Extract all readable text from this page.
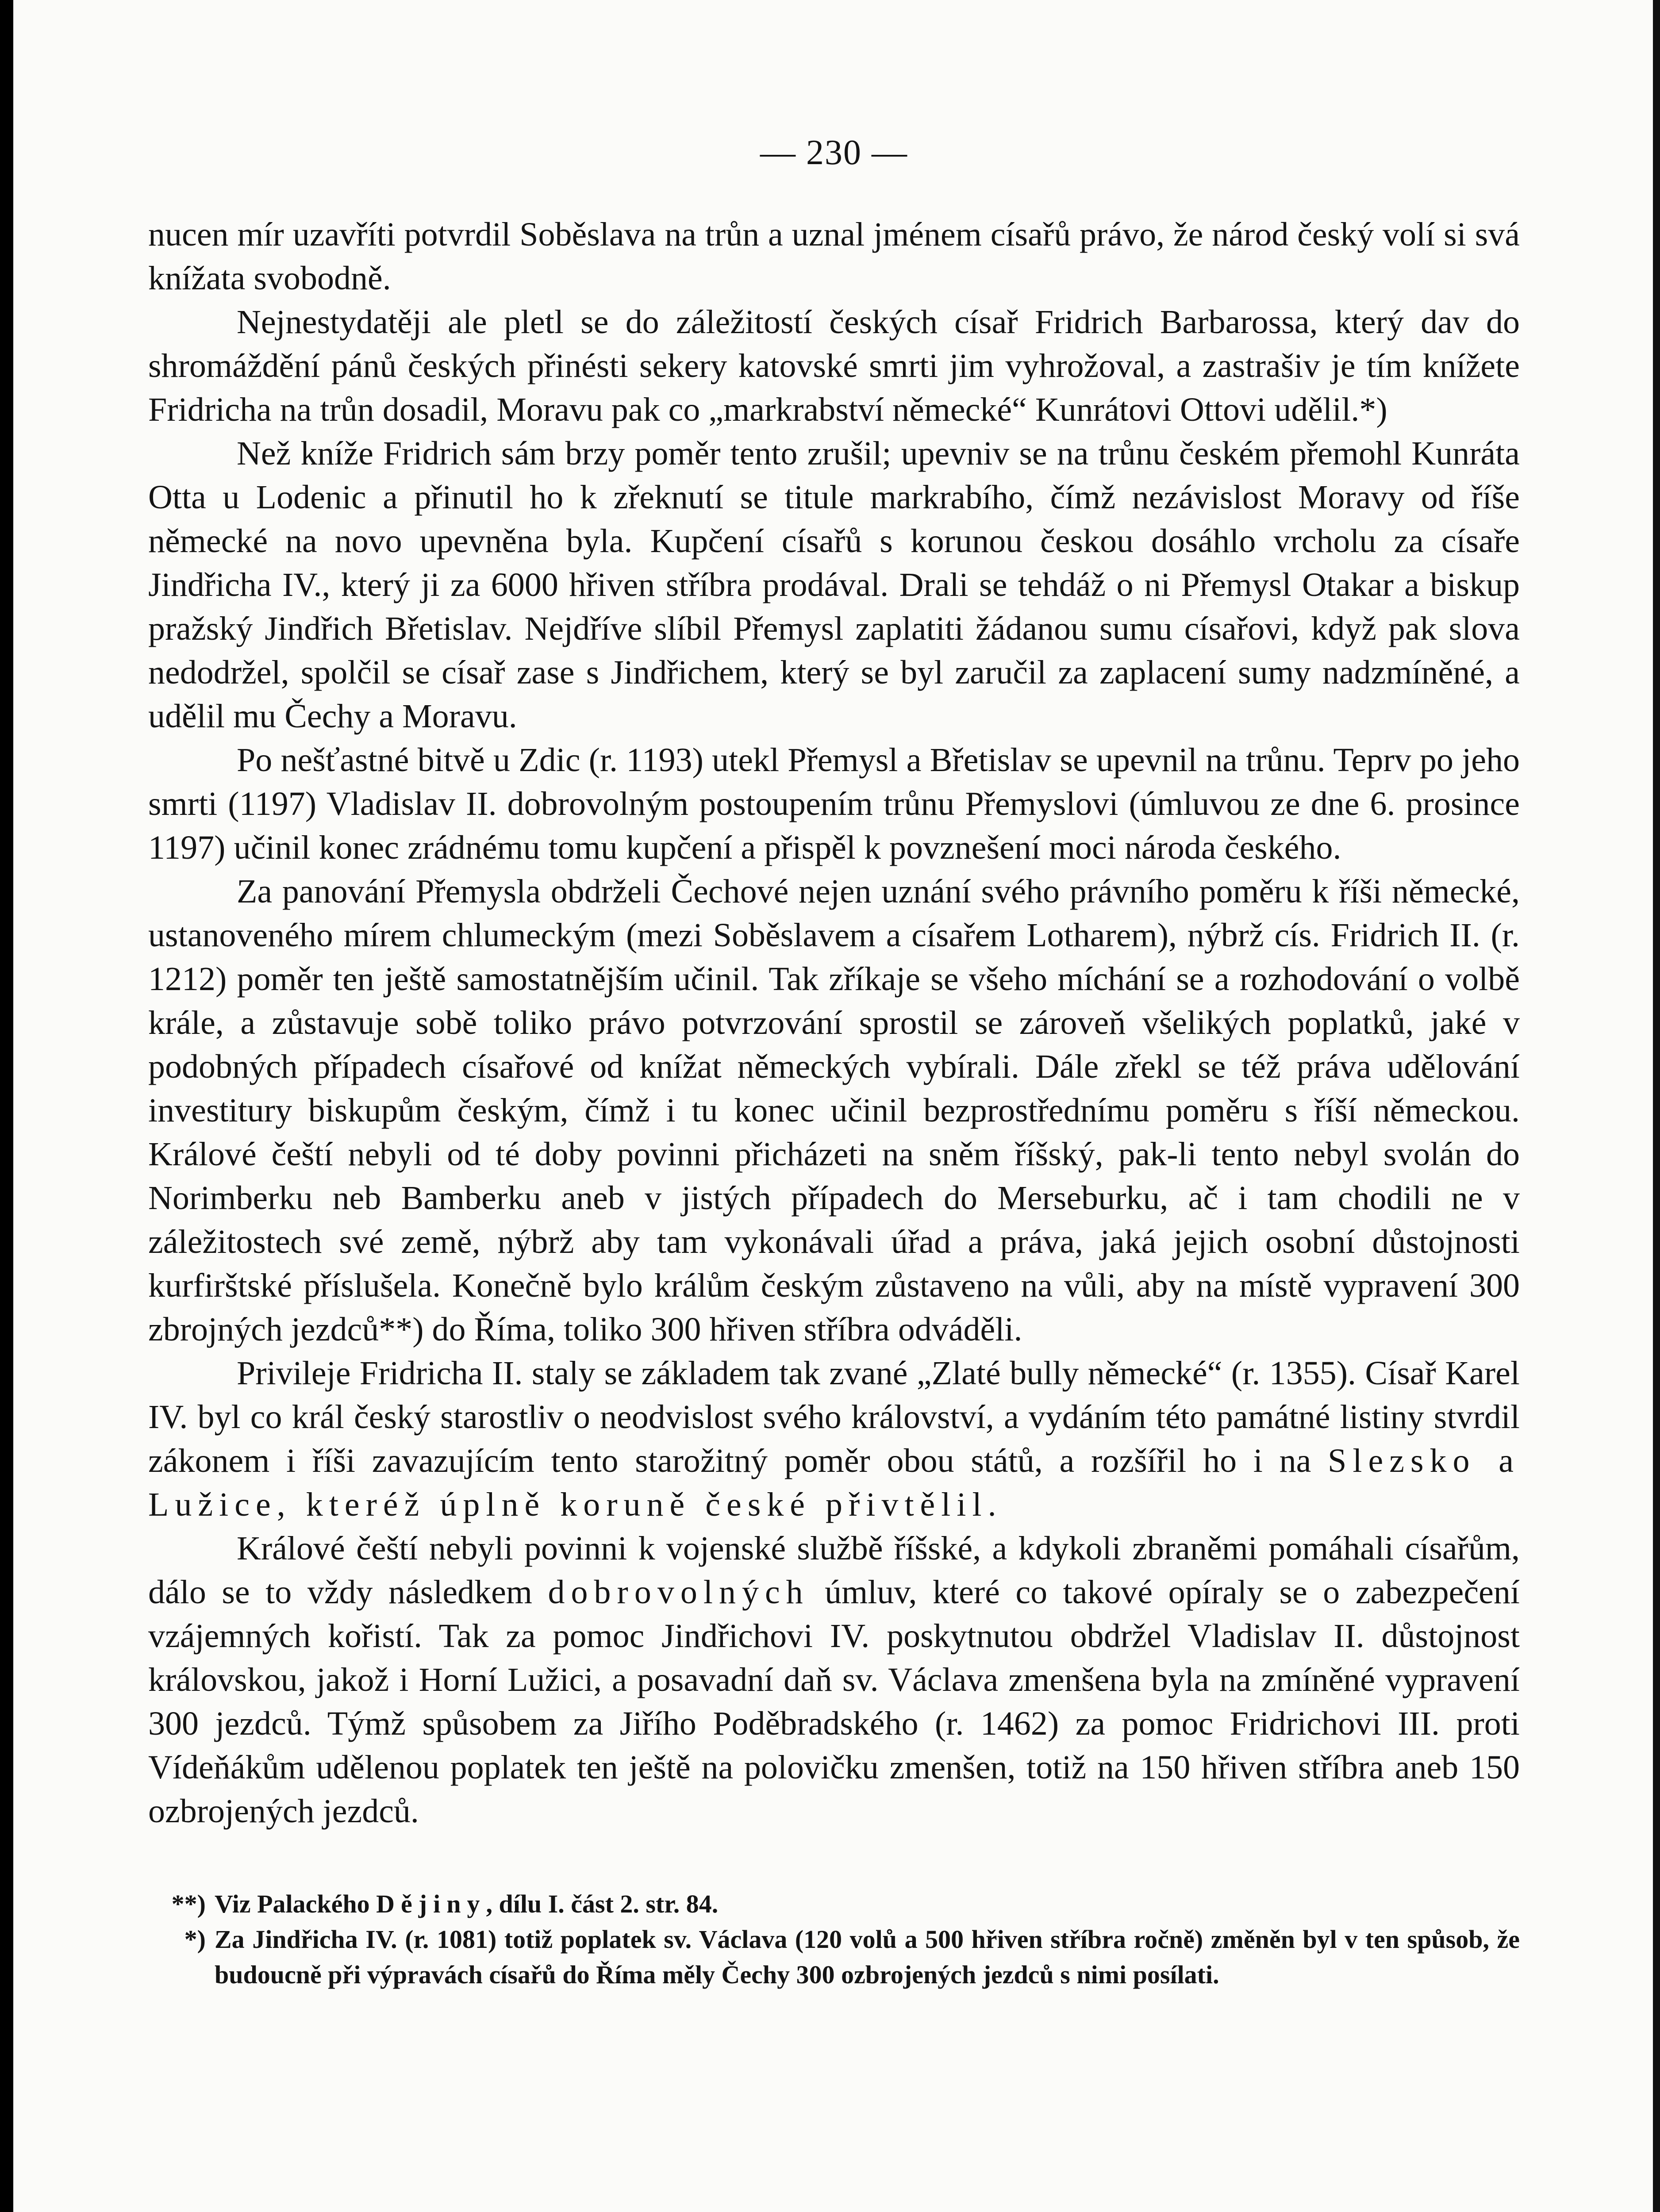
— 230 —

nucen mír uzavříti potvrdil Soběslava na trůn a uznal jménem císařů právo, že národ český volí si svá knížata svobodně.

Nejnestydatěji ale pletl se do záležitostí českých císař Fridrich Barbarossa, který dav do shromáždění pánů českých přinésti sekery katovské smrti jim vyhrožoval, a zastrašiv je tím knížete Fridricha na trůn dosadil, Moravu pak co „markrabství německé“ Kunrátovi Ottovi udělil.*)

Než kníže Fridrich sám brzy poměr tento zrušil; upevniv se na trůnu českém přemohl Kunráta Otta u Lodenic a přinutil ho k zřeknutí se titule markrabího, čímž nezávislost Moravy od říše německé na novo upevněna byla. Kupčení císařů s korunou českou dosáhlo vrcholu za císaře Jindřicha IV., který ji za 6000 hřiven stříbra prodával. Drali se tehdáž o ni Přemysl Otakar a biskup pražský Jindřich Břetislav. Nejdříve slíbil Přemysl zaplatiti žádanou sumu císařovi, když pak slova nedodržel, spolčil se císař zase s Jindřichem, který se byl zaručil za zaplacení sumy nadzmíněné, a udělil mu Čechy a Moravu.

Po nešťastné bitvě u Zdic (r. 1193) utekl Přemysl a Břetislav se upevnil na trůnu. Teprv po jeho smrti (1197) Vladislav II. dobrovolným postoupením trůnu Přemyslovi (úmluvou ze dne 6. prosince 1197) učinil konec zrádnému tomu kupčení a přispěl k povznešení moci národa českého.

Za panování Přemysla obdrželi Čechové nejen uznání svého právního poměru k říši německé, ustanoveného mírem chlumeckým (mezi Soběslavem a císařem Lotharem), nýbrž cís. Fridrich II. (r. 1212) poměr ten ještě samostatnějším učinil. Tak zříkaje se všeho míchání se a rozhodování o volbě krále, a zůstavuje sobě toliko právo potvrzování sprostil se zároveň všelikých poplatků, jaké v podobných případech císařové od knížat německých vybírali. Dále zřekl se též práva udělování investitury biskupům českým, čímž i tu konec učinil bezprostřednímu poměru s říší německou. Králové čeští nebyli od té doby povinni přicházeti na sněm říšský, pak-li tento nebyl svolán do Norimberku neb Bamberku aneb v jistých případech do Merseburku, ač i tam chodili ne v záležitostech své země, nýbrž aby tam vykonávali úřad a práva, jaká jejich osobní důstojnosti kurfirštské příslušela. Konečně bylo králům českým zůstaveno na vůli, aby na místě vypravení 300 zbrojných jezdců**) do Říma, toliko 300 hřiven stříbra odváděli.

Privileje Fridricha II. staly se základem tak zvané „Zlaté bully německé“ (r. 1355). Císař Karel IV. byl co král český starostliv o neodvislost svého království, a vydáním této památné listiny stvrdil zákonem i říši zavazujícím tento starožitný poměr obou států, a rozšířil ho i na Slezsko a Lužice, kteréž úplně koruně české přivtělil.

Králové čeští nebyli povinni k vojenské službě říšské, a kdykoli zbraněmi pomáhali císařům, dálo se to vždy následkem dobrovolných úmluv, které co takové opíraly se o zabezpečení vzájemných kořistí. Tak za pomoc Jindřichovi IV. poskytnutou obdržel Vladislav II. důstojnost královskou, jakož i Horní Lužici, a posavadní daň sv. Václava zmenšena byla na zmíněné vypravení 300 jezdců. Týmž spůsobem za Jiřího Poděbradského (r. 1462) za pomoc Fridrichovi III. proti Vídeňákům udělenou poplatek ten ještě na polovičku zmenšen, totiž na 150 hřiven stříbra aneb 150 ozbrojených jezdců.

**) Viz Palackého Dějiny, dílu I. část 2. str. 84.

*) Za Jindřicha IV. (r. 1081) totiž poplatek sv. Václava (120 volů a 500 hřiven stříbra ročně) změněn byl v ten spůsob, že budoucně při výpravách císařů do Říma měly Čechy 300 ozbrojených jezdců s nimi posílati.
